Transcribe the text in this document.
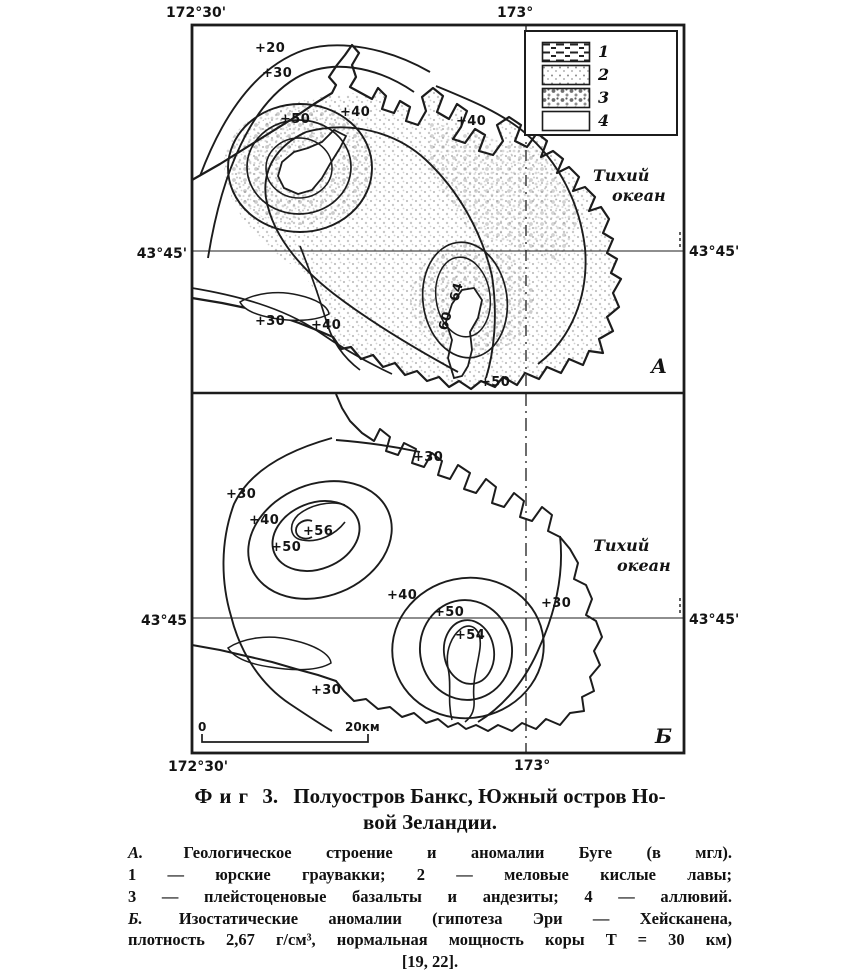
+20
+30
+40
+50	+40
+30 +40
64
60
+50
Тихий
океан
А
+30
+30
+40
+50
+56
+40
+50
+54
+30
+30
Тихий
океан
Б
0	20км
172°30'	173°
43°45'	43°45'
43°45	43°45'
172°30'	173°
1
2
3
4
Фиг 3. Полуостров Банкс, Южный остров Но-
вой Зеландии.
А. Геологическое строение и аномалии Буге (в мгл).
1 — юрские граувакки; 2 — меловые кислые лавы;
3 — плейстоценовые базальты и андезиты; 4 — аллювий.
Б. Изостатические аномалии (гипотеза Эри — Хейсканена,
плотность 2,67 г/см³, нормальная мощность коры T = 30 км)
[19, 22].
